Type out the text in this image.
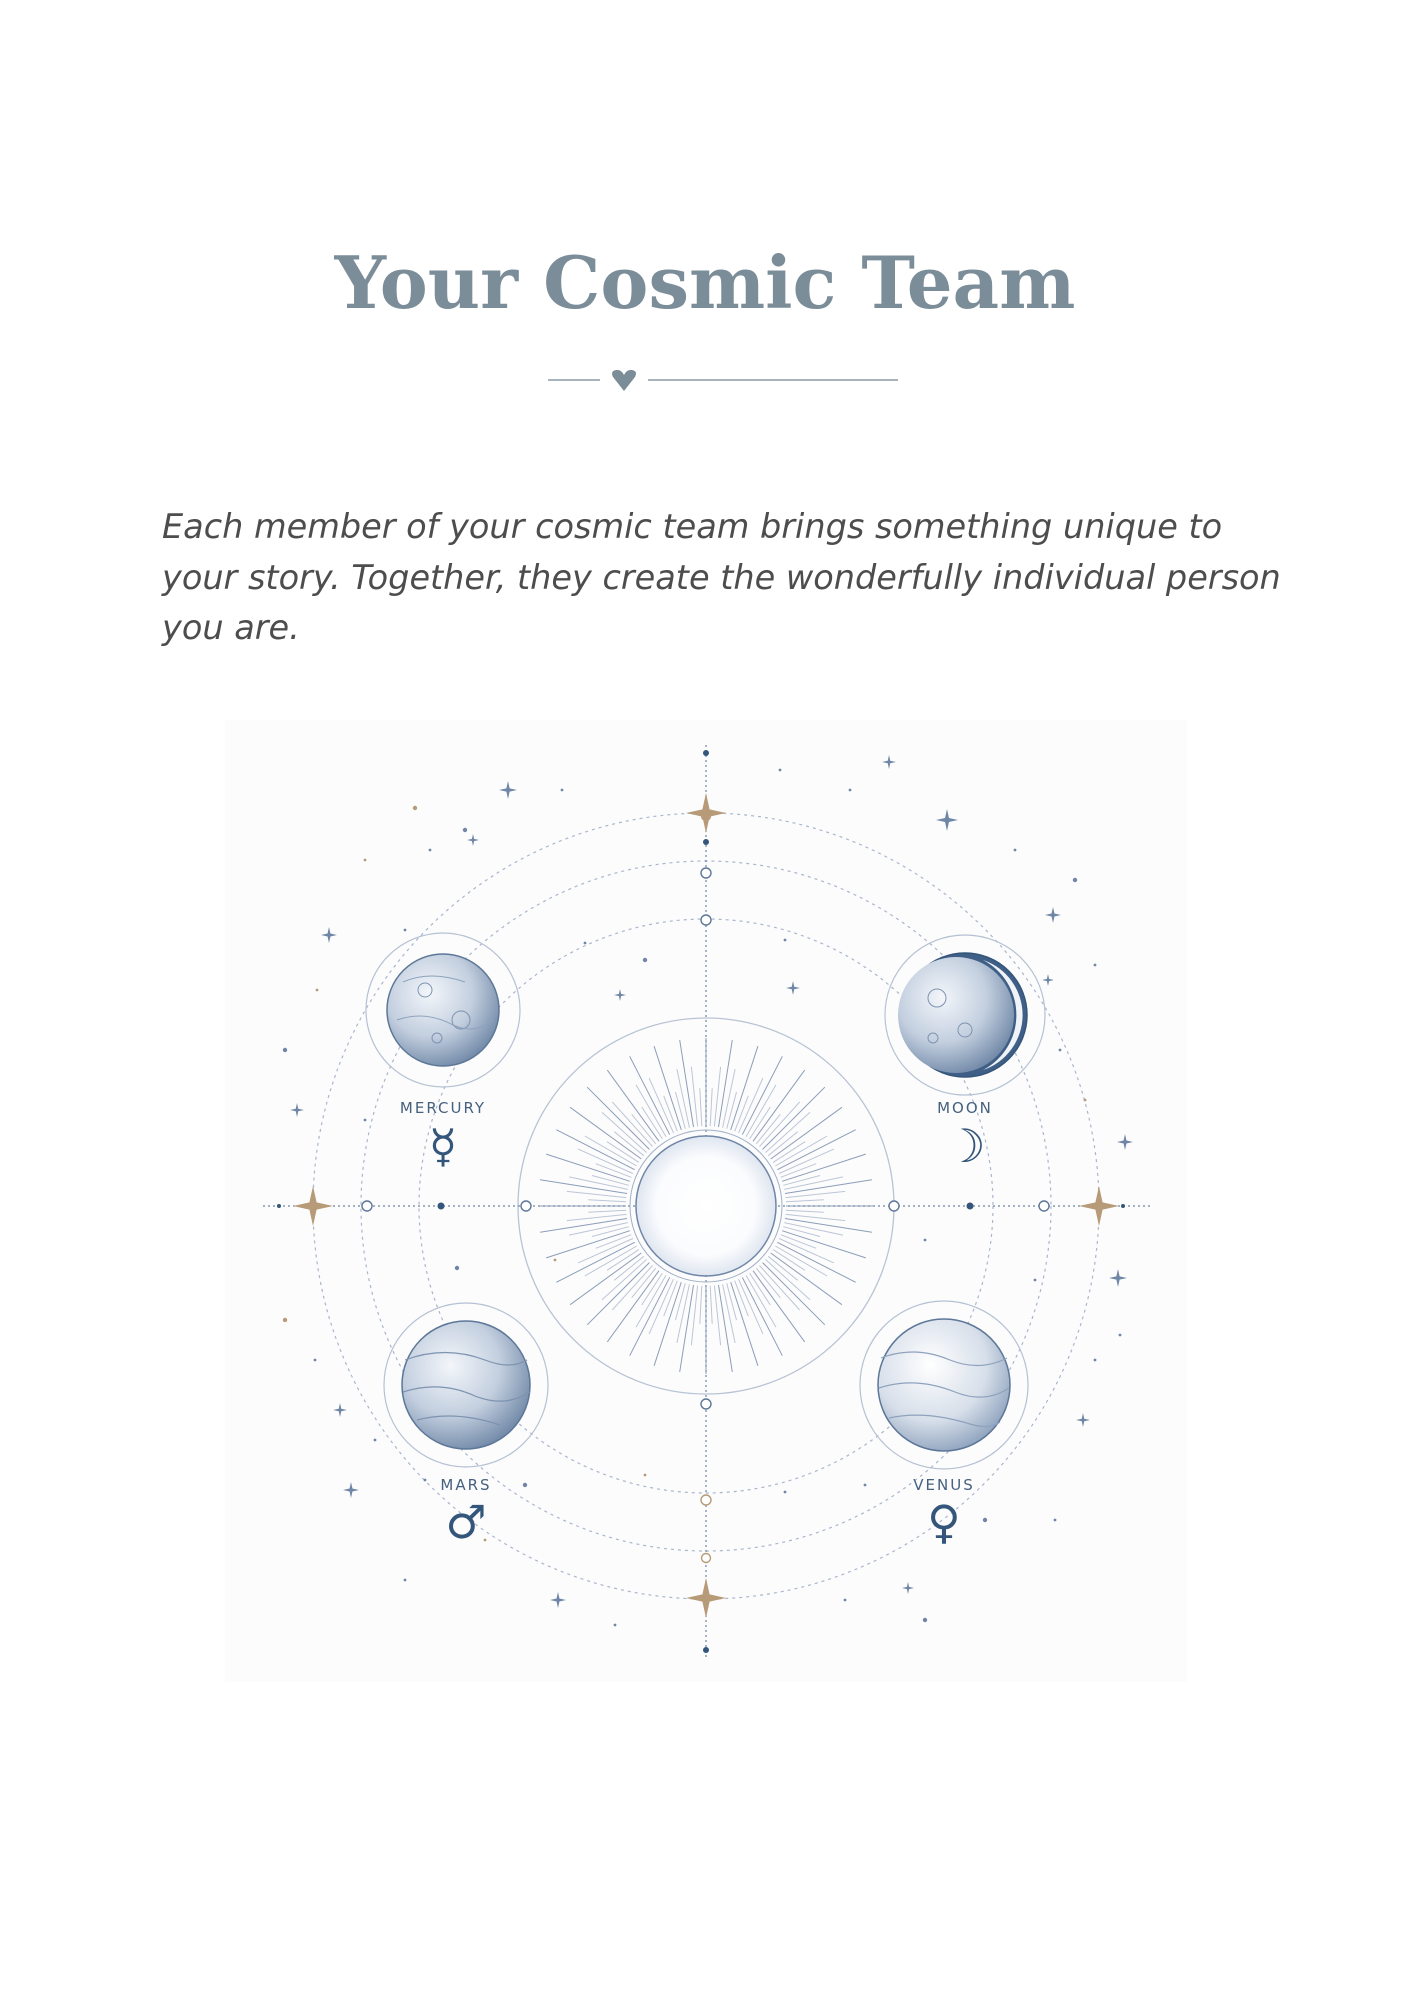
Your Cosmic Team

Each member of your cosmic team brings something unique to your story. Together, they create the wonderfully individual person you are.

MERCURY
☿
MOON
☽
MARS
♂
VENUS
♀
